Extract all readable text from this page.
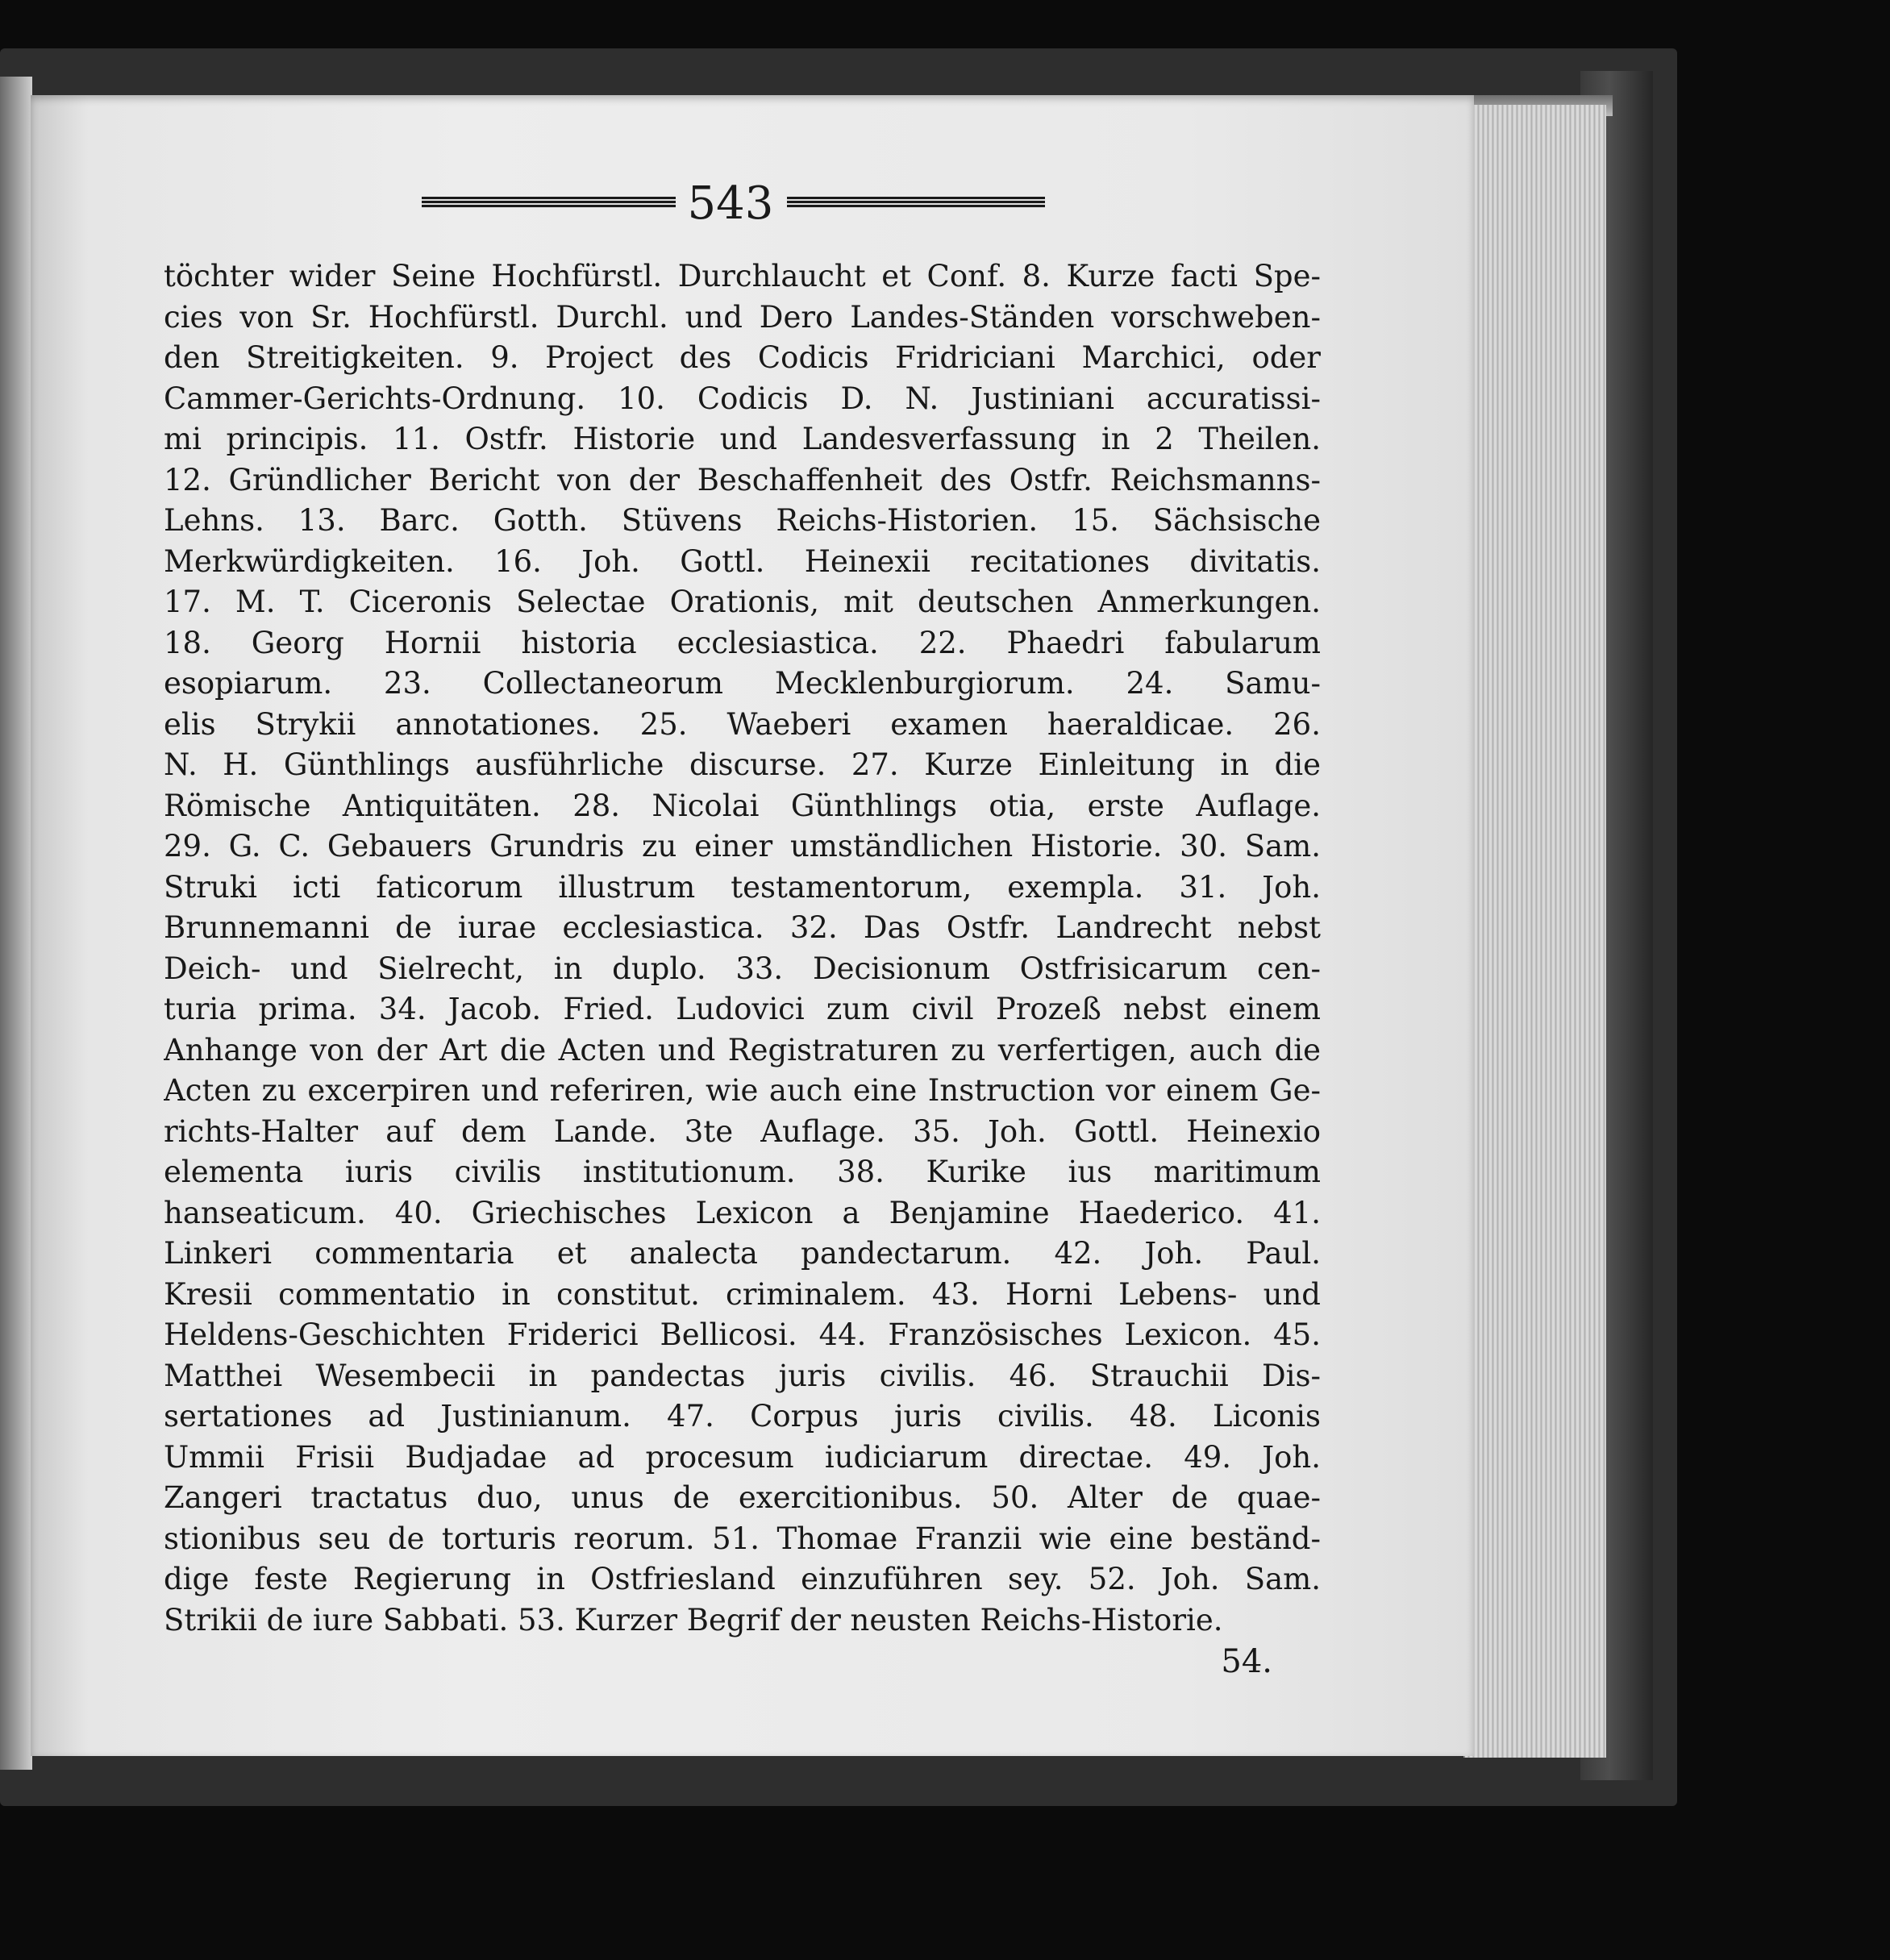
543
töchter wider Seine Hochfürstl. Durchlaucht et Conf. 8. Kurze facti Spe-
cies von Sr. Hochfürstl. Durchl. und Dero Landes-Ständen vorschweben-
den Streitigkeiten. 9. Project des Codicis Fridriciani Marchici, oder
Cammer-Gerichts-Ordnung. 10. Codicis D. N. Justiniani accuratissi-
mi principis. 11. Ostfr. Historie und Landesverfassung in 2 Theilen.
12. Gründlicher Bericht von der Beschaffenheit des Ostfr. Reichsmanns-
Lehns. 13. Barc. Gotth. Stüvens Reichs-Historien. 15. Sächsische
Merkwürdigkeiten. 16. Joh. Gottl. Heinexii recitationes divitatis.
17. M. T. Ciceronis Selectae Orationis, mit deutschen Anmerkungen.
18. Georg Hornii historia ecclesiastica. 22. Phaedri fabularum
esopiarum. 23. Collectaneorum Mecklenburgiorum. 24. Samu-
elis Strykii annotationes. 25. Waeberi examen haeraldicae. 26.
N. H. Günthlings ausführliche discurse. 27. Kurze Einleitung in die
Römische Antiquitäten. 28. Nicolai Günthlings otia, erste Auflage.
29. G. C. Gebauers Grundris zu einer umständlichen Historie. 30. Sam.
Struki icti faticorum illustrum testamentorum, exempla. 31. Joh.
Brunnemanni de iurae ecclesiastica. 32. Das Ostfr. Landrecht nebst
Deich- und Sielrecht, in duplo. 33. Decisionum Ostfrisicarum cen-
turia prima. 34. Jacob. Fried. Ludovici zum civil Prozeß nebst einem
Anhange von der Art die Acten und Registraturen zu verfertigen, auch die
Acten zu excerpiren und referiren, wie auch eine Instruction vor einem Ge-
richts-Halter auf dem Lande. 3te Auflage. 35. Joh. Gottl. Heinexio
elementa iuris civilis institutionum. 38. Kurike ius maritimum
hanseaticum. 40. Griechisches Lexicon a Benjamine Haederico. 41.
Linkeri commentaria et analecta pandectarum. 42. Joh. Paul.
Kresii commentatio in constitut. criminalem. 43. Horni Lebens- und
Heldens-Geschichten Friderici Bellicosi. 44. Französisches Lexicon. 45.
Matthei Wesembecii in pandectas juris civilis. 46. Strauchii Dis-
sertationes ad Justinianum. 47. Corpus juris civilis. 48. Liconis
Ummii Frisii Budjadae ad procesum iudiciarum directae. 49. Joh.
Zangeri tractatus duo, unus de exercitionibus. 50. Alter de quae-
stionibus seu de torturis reorum. 51. Thomae Franzii wie eine beständ-
dige feste Regierung in Ostfriesland einzuführen sey. 52. Joh. Sam.
Strikii de iure Sabbati. 53. Kurzer Begrif der neusten Reichs-Historie.
54.
